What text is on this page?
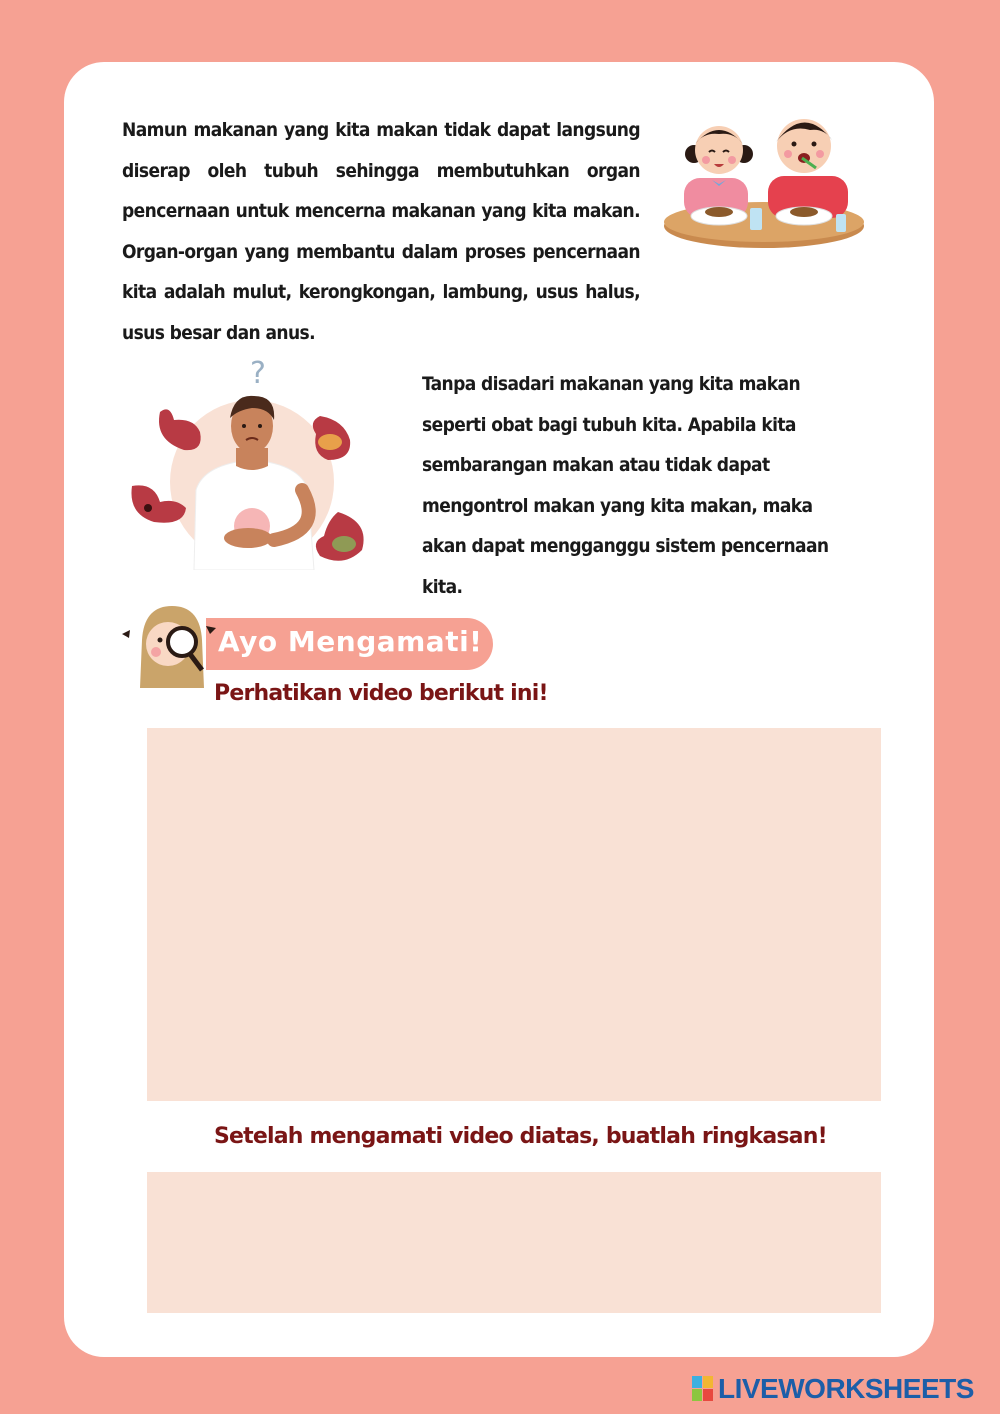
Namun makanan yang kita makan tidak dapat langsung diserap oleh tubuh sehingga membutuhkan organ pencernaan untuk mencerna makanan yang kita makan. Organ-organ yang membantu dalam proses pencernaan kita adalah mulut, kerongkongan, lambung, usus halus, usus besar dan anus.

?	Tanpa disadari makanan yang kita makan seperti obat bagi tubuh kita. Apabila kita sembarangan makan atau tidak dapat mengontrol makan yang kita makan, maka akan dapat mengganggu sistem pencernaan kita.

Ayo Mengamati!

Perhatikan video berikut ini!

Setelah mengamati video diatas, buatlah ringkasan!

LIVEWORKSHEETS
